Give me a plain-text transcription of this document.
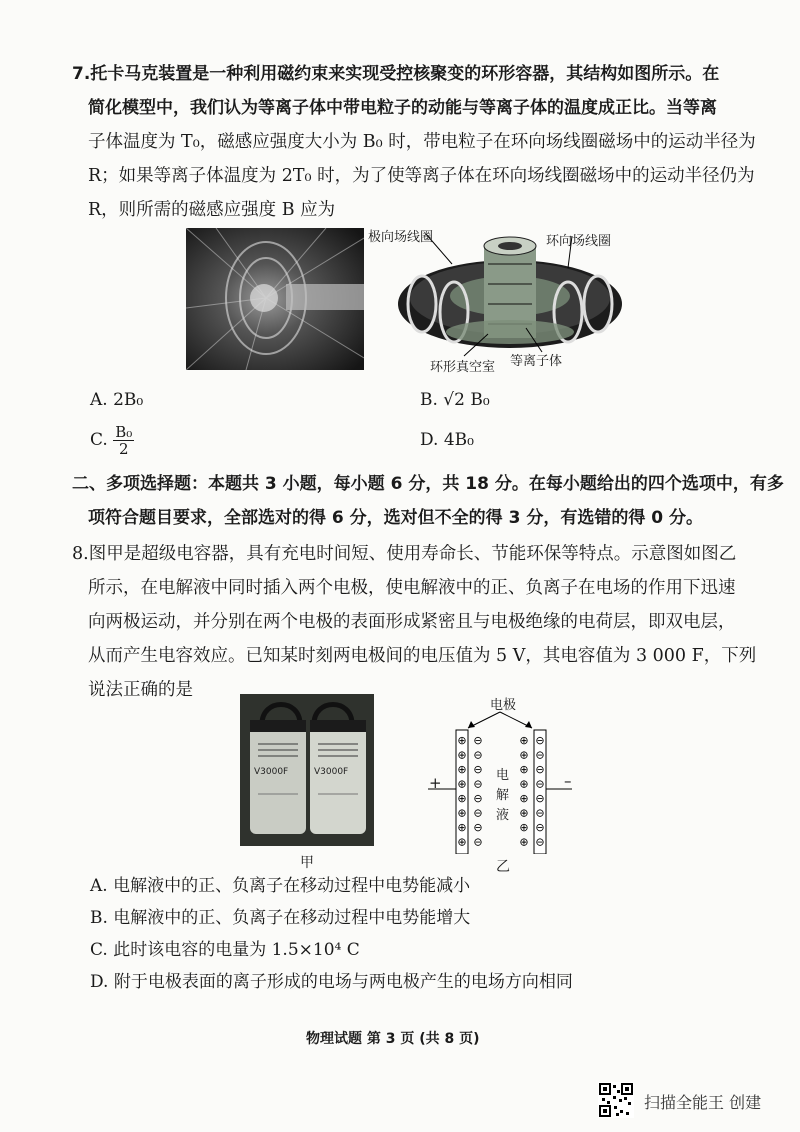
7.托卡马克装置是一种利用磁约束来实现受控核聚变的环形容器，其结构如图所示。在
简化模型中，我们认为等离子体中带电粒子的动能与等离子体的温度成正比。当等离
子体温度为 T₀，磁感应强度大小为 B₀ 时，带电粒子在环向场线圈磁场中的运动半径为
R；如果等离子体温度为 2T₀ 时，为了使等离子体在环向场线圈磁场中的运动半径仍为
R，则所需的磁感应强度 B 应为
极向场线圈	环向场线圈
环形真空室 等离子体
A. 2B₀	B. √2 B₀
C. $\frac{\text{B₀}}{2}$	D. 4B₀
二、多项选择题：本题共 3 小题，每小题 6 分，共 18 分。在每小题给出的四个选项中，有多
项符合题目要求，全部选对的得 6 分，选对但不全的得 3 分，有选错的得 0 分。
8.图甲是超级电容器，具有充电时间短、使用寿命长、节能环保等特点。示意图如图乙
所示，在电解液中同时插入两个电极，使电解液中的正、负离子在电场的作用下迅速
向两极运动，并分别在两个电极的表面形成紧密且与电极绝缘的电荷层，即双电层，
从而产生电容效应。已知某时刻两电极间的电压值为 5 V，其电容值为 3 000 F，下列
说法正确的是
V3000F	V3000F
甲
⊕ ⊖	⊕ ⊖
⊕ ⊖	⊕ ⊖
⊕ ⊖	⊕ ⊖
⊕ ⊖	⊕ ⊖
⊕ ⊖	⊕ ⊖
⊕ ⊖	⊕ ⊖
⊕ ⊖	⊕ ⊖
⊕ ⊖	⊕ ⊖
电极
+	–
电
解
液
乙
A. 电解液中的正、负离子在移动过程中电势能减小
B. 电解液中的正、负离子在移动过程中电势能增大
C. 此时该电容的电量为 1.5×10⁴ C
D. 附于电极表面的离子形成的电场与两电极产生的电场方向相同
物理试题 第 3 页 (共 8 页)
扫描全能王 创建
